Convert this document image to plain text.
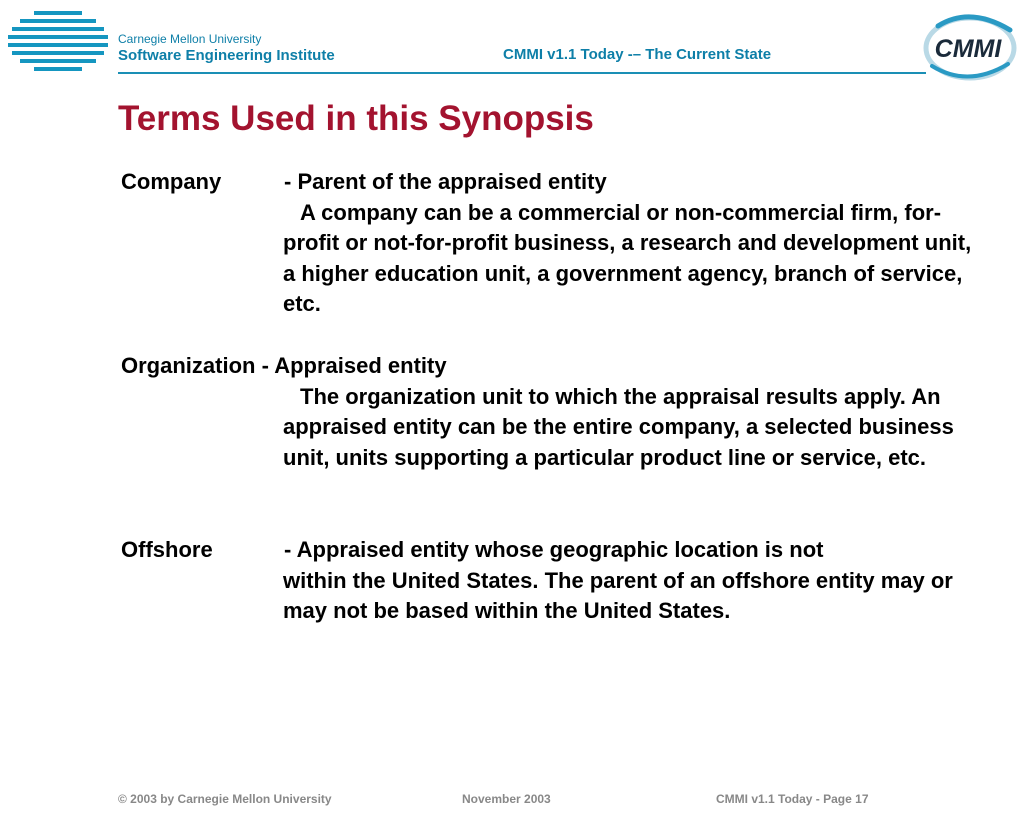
Carnegie Mellon University
Software Engineering Institute	CMMI v1.1 Today -– The Current State	CMMI
Terms Used in this Synopsis
Company	- Parent of the appraised entity
A company can be a commercial or non-commercial firm, for-profit or not-for-profit business, a research and development unit, a higher education unit, a government agency, branch of service, etc.
Organization - Appraised entity
The organization unit to which the appraisal results apply. An appraised entity can be the entire company, a selected business unit, units supporting a particular product line or service, etc.
Offshore	- Appraised entity whose geographic location is not
within the United States. The parent of an offshore entity may or may not be based within the United States.
© 2003 by Carnegie Mellon University	November 2003	CMMI v1.1 Today - Page 17
